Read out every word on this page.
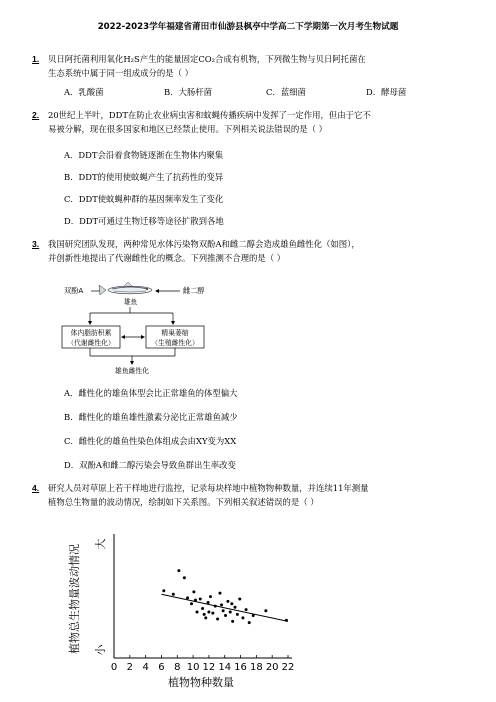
2022-2023学年福建省莆田市仙游县枫亭中学高二下学期第一次月考生物试题
1. 贝日阿托菌利用氧化H₂S产生的能量固定CO₂合成有机物，下列微生物与贝日阿托菌在
生态系统中属于同一组成成分的是（ ）
A．乳酸菌	B．大肠杆菌	C．蓝细菌	D．酵母菌
2. 20世纪上半叶，DDT在防止农业病虫害和蚊蝇传播疾病中发挥了一定作用，但由于它不
易被分解，现在很多国家和地区已经禁止使用。下列相关说法错误的是（ ）
A．DDT会沿着食物链逐渐在生物体内聚集
B．DDT的使用使蚊蝇产生了抗药性的变异
C．DDT使蚊蝇种群的基因频率发生了变化
D．DDT可通过生物迁移等途径扩散到各地
3. 我国研究团队发现，两种常见水体污染物双酚A和雌二醇会造成雄鱼雌性化（如图），
并创新性地提出了代谢雌性化的概念。下列推测不合理的是（ ）
双酚A	雌二醇
雄鱼
体内脂肪积累
（代谢雌性化）
精巢萎缩
（生殖雌性化）
雄鱼雌性化
A．雌性化的雄鱼体型会比正常雄鱼的体型偏大
B．雌性化的雄鱼雄性激素分泌比正常雄鱼减少
C．雌性化的雄鱼性染色体组成会由XY变为XX
D．双酚A和雌二醇污染会导致鱼群出生率改变
4. 研究人员对草原上若干样地进行监控，记录每块样地中植物物种数量，并连续11年测量
植物总生物量的波动情况，绘制如下关系图。下列相关叙述错误的是（ ）
0 2 4 6 8 10 12 14 16 18 20 22
植物物种数量
植物总生物量波动情况 大
小
